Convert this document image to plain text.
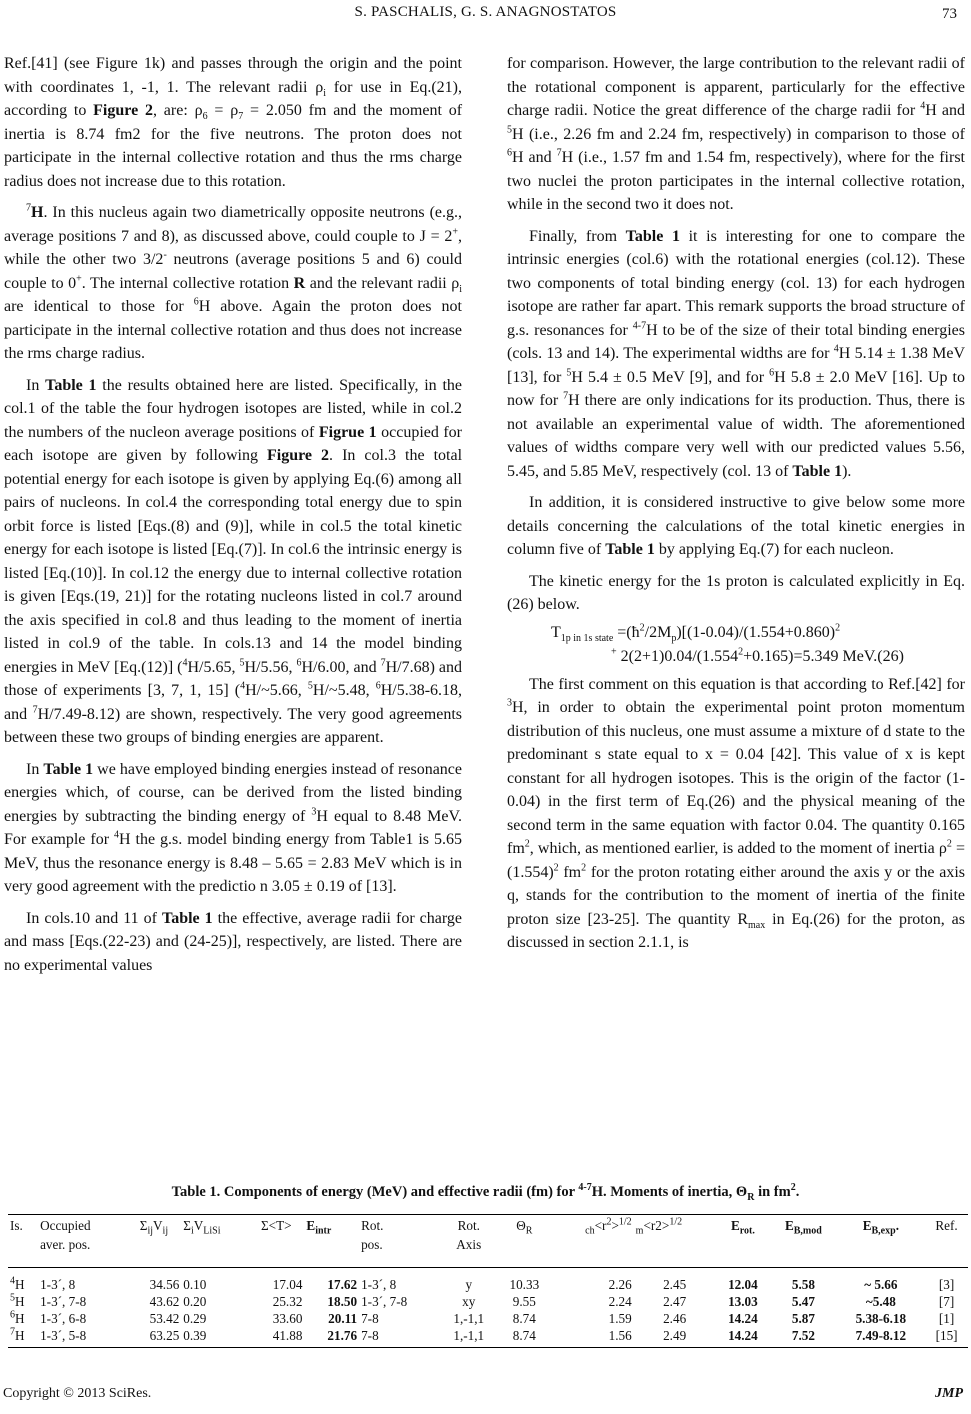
S. PASCHALIS, G. S. ANAGNOSTATOS	73

Ref.[41] (see Figure 1k) and passes through the origin and the point with coordinates 1, -1, 1. The relevant radii $\rho_i$ for use in Eq.(21), according to Figure 2, are: $\rho_6 = \rho_7 = 2.050$ fm and the moment of inertia is 8.74 fm2 for the five neutrons. The proton does not participate in the internal collective rotation and thus the rms charge radius does not increase due to this rotation.

$^7$H. In this nucleus again two diametrically opposite neutrons (e.g., average positions 7 and 8), as discussed above, could couple to J = 2+, while the other two 3/2- neutrons (average positions 5 and 6) could couple to 0+. The internal collective rotation R and the relevant radii $\rho_i$ are identical to those for $^6$H above. Again the proton does not participate in the internal collective rotation and thus does not increase the rms charge radius.

In Table 1 the results obtained here are listed. Specifically, in the col.1 of the table the four hydrogen isotopes are listed, while in col.2 the numbers of the nucleon average positions of Figrue 1 occupied for each isotope are given by following Figure 2. In col.3 the total potential energy for each isotope is given by applying Eq.(6) among all pairs of nucleons. In col.4 the corresponding total energy due to spin orbit force is listed [Eqs.(8) and (9)], while in col.5 the total kinetic energy for each isotope is listed [Eq.(7)]. In col.6 the intrinsic energy is listed [Eq.(10)]. In col.12 the energy due to internal collective rotation is given [Eqs.(19, 21)] for the rotating nucleons listed in col.7 around the axis specified in col.8 and thus leading to the moment of inertia listed in col.9 of the table. In cols.13 and 14 the model binding energies in MeV [Eq.(12)] ($^4$H/5.65, $^5$H/5.56, $^6$H/6.00, and $^7$H/7.68) and those of experiments [3, 7, 1, 15] ($^4$H/~5.66, $^5$H/~5.48, $^6$H/5.38-6.18, and $^7$H/7.49-8.12) are shown, respectively. The very good agreements between these two groups of binding energies are apparent.

In Table 1 we have employed binding energies instead of resonance energies which, of course, can be derived from the listed binding energies by subtracting the binding energy of $^3$H equal to 8.48 MeV. For example for $^4$H the g.s. model binding energy from Table1 is 5.65 MeV, thus the resonance energy is 8.48 – 5.65 = 2.83 MeV which is in very good agreement with the predictio n 3.05 ± 0.19 of [13].

In cols.10 and 11 of Table 1 the effective, average radii for charge and mass [Eqs.(22-23) and (24-25)], respectively, are listed. There are no experimental values

for comparison. However, the large contribution to the relevant radii of the rotational component is apparent, particularly for the effective charge radii. Notice the great difference of the charge radii for $^4$H and $^5$H (i.e., 2.26 fm and 2.24 fm, respectively) in comparison to those of $^6$H and $^7$H (i.e., 1.57 fm and 1.54 fm, respectively), where for the first two nuclei the proton participates in the internal collective rotation, while in the second two it does not.

Finally, from Table 1 it is interesting for one to compare the intrinsic energies (col.6) with the rotational energies (col.12). These two components of total binding energy (col. 13) for each hydrogen isotope are rather far apart. This remark supports the broad structure of g.s. resonances for $^{4-7}$H to be of the size of their total binding energies (cols. 13 and 14). The experimental widths are for $^4$H 5.14 ± 1.38 MeV [13], for $^5$H 5.4 ± 0.5 MeV [9], and for $^6$H 5.8 ± 2.0 MeV [16]. Up to now for $^7$H there are only indications for its production. Thus, there is not available an experimental value of width. The aforementioned values of widths compare very well with our predicted values 5.56, 5.45, and 5.85 MeV, respectively (col. 13 of Table 1).

In addition, it is considered instructive to give below some more details concerning the calculations of the total kinetic energies in column five of Table 1 by applying Eq.(7) for each nucleon.

The kinetic energy for the 1s proton is calculated explicitly in Eq.(26) below.

$T_{1p in 1s state}$ $=(ħ^2/2M_p)[(1-0.04)/(1.554+0.860)^2$
+ $2(2+1)0.04/(1.554^2+0.165)=5.349$ MeV.(26)

The first comment on this equation is that according to Ref.[42] for $^3$H, in order to obtain the experimental point proton momentum distribution of this nucleus, one must assume a mixture of d state to the predominant s state equal to x = 0.04 [42]. This value of x is kept constant for all hydrogen isotopes. This is the origin of the factor (1-0.04) in the first term of Eq.(26) and the physical meaning of the second term in the same equation with factor 0.04. The quantity 0.165 $fm^2$, which, as mentioned earlier, is added to the moment of inertia $\rho^2 = (1.554)^2$ $fm^2$ for the proton rotating either around the axis y or the axis q, stands for the contribution to the moment of inertia of the finite proton size [23-25]. The quantity $R_{max}$ in Eq.(26) for the proton, as discussed in section 2.1.1, is

Table 1. Components of energy (MeV) and effective radii (fm) for $^{4-7}$H. Moments of inertia, $\Theta_R$ in $fm^2$.
Is.	Occupied	$\Sigma_{ij}V_{ij}$	$\Sigma_iV_{LiSi}$	Σ<T>	$E_{intr}$	Rot.	Rot.	$\Theta_R$	$_{ch}<r^2>^{1/2}$	$_m$<r2>$^{1/2}$	$E_{rot.}$	$E_{B,mod}$	$E_{B,exp}$.	Ref.
	aver. pos.					pos.	Axis							
$^4$H	1-3´, 8	34.56	0.10	17.04	17.62	1-3´, 8	y	10.33	2.26	2.45	12.04	5.58	~ 5.66	[3]
$^5$H	1-3´, 7-8	43.62	0.20	25.32	18.50	1-3´, 7-8	xy	9.55	2.24	2.47	13.03	5.47	~5.48	[7]
$^6$H	1-3´, 6-8	53.42	0.29	33.60	20.11	7-8	1,-1,1	8.74	1.59	2.46	14.24	5.87	5.38-6.18	[1]
$^7$H	1-3´, 5-8	63.25	0.39	41.88	21.76	7-8	1,-1,1	8.74	1.56	2.49	14.24	7.52	7.49-8.12	[15]
Copyright © 2013 SciRes.	JMP
